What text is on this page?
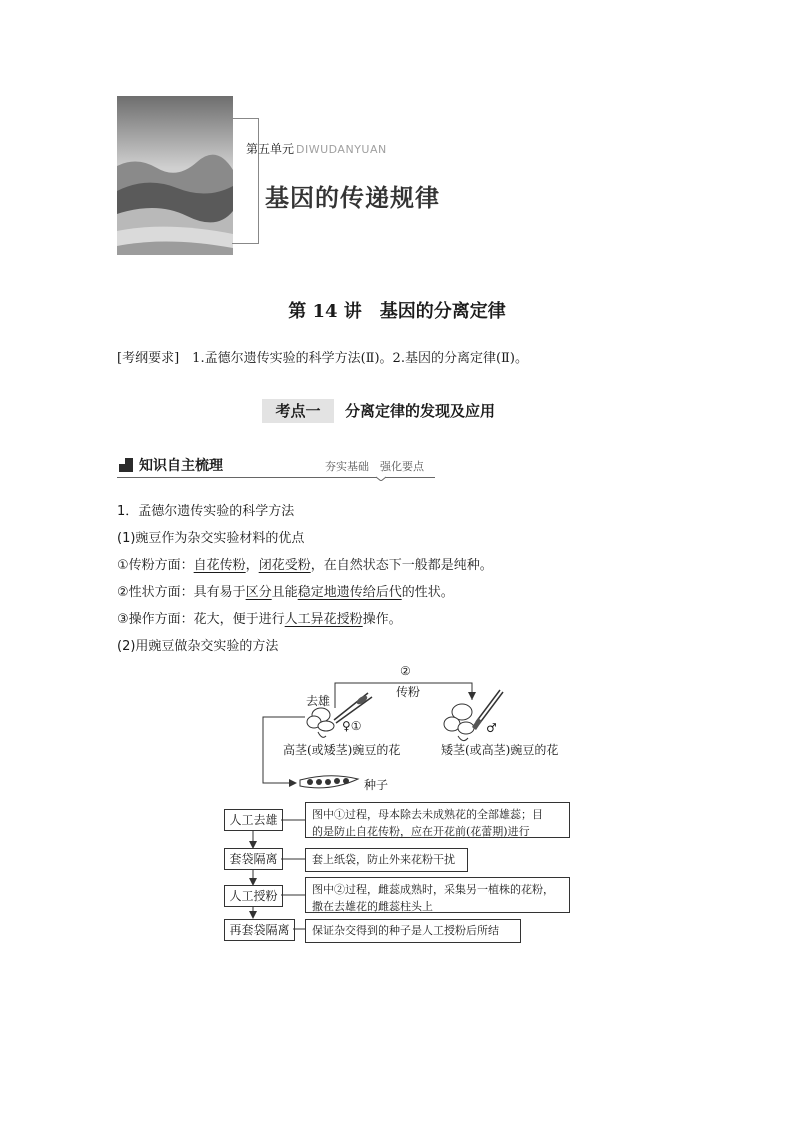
第五单元 DIWUDANYUAN
基因的传递规律
第 14 讲　基因的分离定律
[考纲要求]　 1.孟德尔遗传实验的科学方法(Ⅱ)。2.基因的分离定律(Ⅱ)。
考点一	分离定律的发现及应用
知识自主梳理	夯实基础　强化要点
1．孟德尔遗传实验的科学方法
(1)豌豆作为杂交实验材料的优点
①传粉方面：自花传粉，闭花受粉，在自然状态下一般都是纯种。
②性状方面：具有易于区分且能稳定地遗传给后代的性状。
③操作方面：花大，便于进行人工异花授粉操作。
(2)用豌豆做杂交实验的方法
②
传粉
去雄
♀①	♂
高茎(或矮茎)豌豆的花	矮茎(或高茎)豌豆的花
种子
人工去雄	图中①过程，母本除去未成熟花的全部雄蕊；目
的是防止自花传粉，应在开花前(花蕾期)进行
套袋隔离	套上纸袋，防止外来花粉干扰
人工授粉	图中②过程，雌蕊成熟时，采集另一植株的花粉，
撒在去雄花的雌蕊柱头上
再套袋隔离	保证杂交得到的种子是人工授粉后所结
